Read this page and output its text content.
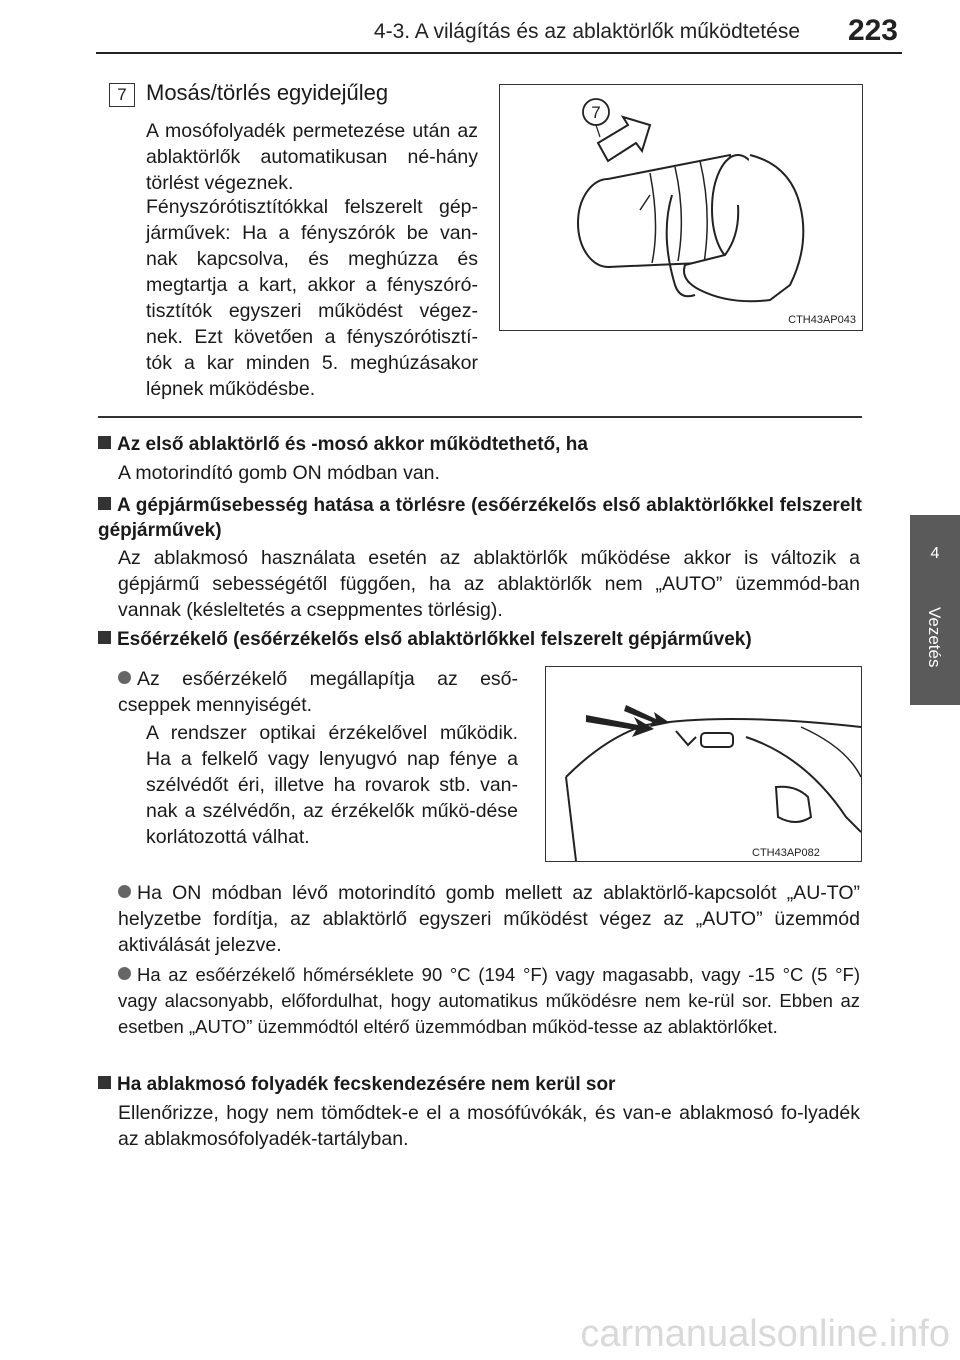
4-3. A világítás és az ablaktörlők működtetése	223
4
Vezetés
7 Mosás/törlés egyidejűleg
A mosófolyadék permetezése után az ablaktörlők automatikusan né-hány törlést végeznek.
Fényszórótisztítókkal felszerelt gép-járművek: Ha a fényszórók be van-nak kapcsolva, és meghúzza és megtartja a kart, akkor a fényszóró-tisztítók egyszeri működést végez-nek. Ezt követően a fényszórótisztí-tók a kar minden 5. meghúzásakor lépnek működésbe.
7
CTH43AP043
Az első ablaktörlő és -mosó akkor működtethető, ha
A motorindító gomb ON módban van.
A gépjárműsebesség hatása a törlésre (esőérzékelős első ablaktörlőkkel felszerelt gépjárművek)
Az ablakmosó használata esetén az ablaktörlők működése akkor is változik a gépjármű sebességétől függően, ha az ablaktörlők nem „AUTO” üzemmód-ban vannak (késleltetés a cseppmentes törlésig).
Esőérzékelő (esőérzékelős első ablaktörlőkkel felszerelt gépjárművek)
Az esőérzékelő megállapítja az eső-cseppek mennyiségét.
A rendszer optikai érzékelővel működik. Ha a felkelő vagy lenyugvó nap fénye a szélvédőt éri, illetve ha rovarok stb. van-nak a szélvédőn, az érzékelők műkö-dése korlátozottá válhat.
CTH43AP082
Ha ON módban lévő motorindító gomb mellett az ablaktörlő-kapcsolót „AU-TO” helyzetbe fordítja, az ablaktörlő egyszeri működést végez az „AUTO” üzemmód aktiválását jelezve.
Ha az esőérzékelő hőmérséklete 90 °C (194 °F) vagy magasabb, vagy -15 °C (5 °F) vagy alacsonyabb, előfordulhat, hogy automatikus működésre nem ke-rül sor. Ebben az esetben „AUTO” üzemmódtól eltérő üzemmódban működ-tesse az ablaktörlőket.
Ha ablakmosó folyadék fecskendezésére nem kerül sor
Ellenőrizze, hogy nem tömődtek-e el a mosófúvókák, és van-e ablakmosó fo-lyadék az ablakmosófolyadék-tartályban.
carmanualsonline.info
